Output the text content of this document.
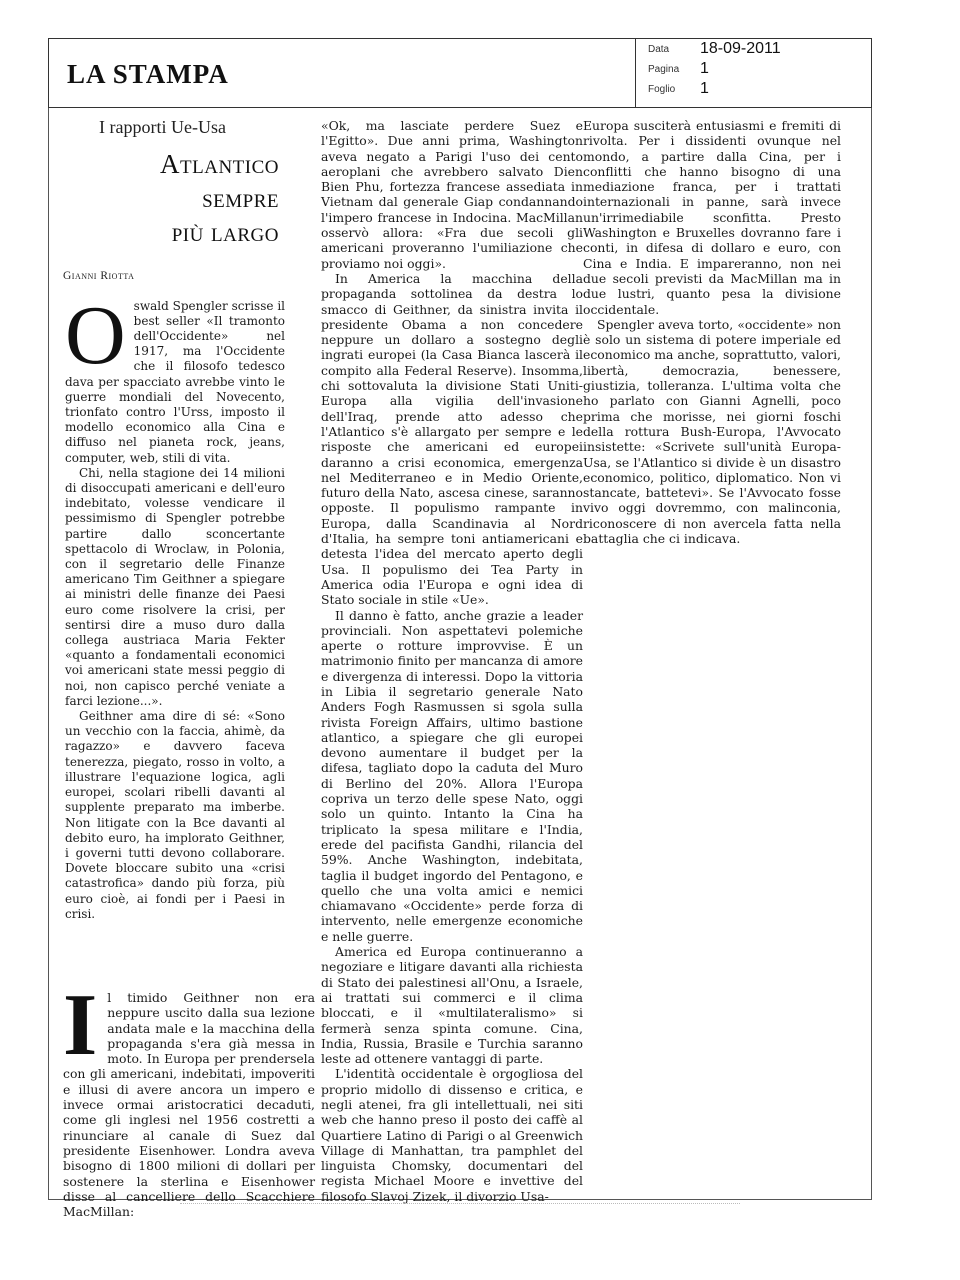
LA STAMPA
Data	18-09-2011
Pagina	1
Foglio	1
I rapporti Ue-Usa
Atlantico
sempre
più largo
Gianni Riotta

Oswald Spengler scrisse il best seller «Il tramonto dell'Occidente» nel 1917, ma l'Occidente che il filosofo tedesco dava per spacciato avrebbe vinto le guerre mondiali del Novecento, trionfato contro l'Urss, imposto il modello economico alla Cina e diffuso nel pianeta rock, jeans, computer, web, stili di vita.

Chi, nella stagione dei 14 milioni di disoccupati americani e dell'euro indebitato, volesse vendicare il pessimismo di Spengler potrebbe partire dallo sconcertante spettacolo di Wroclaw, in Polonia, con il segretario delle Finanze americano Tim Geithner a spiegare ai ministri delle finanze dei Paesi euro come risolvere la crisi, per sentirsi dire a muso duro dalla collega austriaca Maria Fekter «quanto a fondamentali economici voi americani state messi peggio di noi, non capisco perché veniate a farci lezione...».

Geithner ama dire di sé: «Sono un vecchio con la faccia, ahimè, da ragazzo» e davvero faceva tenerezza, piegato, rosso in volto, a illustrare l'equazione logica, agli europei, scolari ribelli davanti al supplente preparato ma imberbe. Non litigate con la Bce davanti al debito euro, ha implorato Geithner, i governi tutti devono collaborare. Dovete bloccare subito una «crisi catastrofica» dando più forza, più euro cioè, ai fondi per i Paesi in crisi.

Il timido Geithner non era neppure uscito dalla sua lezione andata male e la macchina della propaganda s'era già messa in moto. In Europa per prendersela con gli americani, indebitati, impoveriti e illusi di avere ancora un impero e invece ormai aristocratici decaduti, come gli inglesi nel 1956 costretti a rinunciare al canale di Suez dal presidente Eisenhower. Londra aveva bisogno di 1800 milioni di dollari per sostenere la sterlina e Eisenhower disse al cancelliere dello Scacchiere MacMillan:

«Ok, ma lasciate perdere Suez e l'Egitto». Due anni prima, Washington aveva negato a Parigi l'uso dei cento aeroplani che avrebbero salvato Dien Bien Phu, fortezza francese assediata in Vietnam dal generale Giap condannando l'impero francese in Indocina. MacMillan osservò allora: «Fra due secoli gli americani proveranno l'umiliazione che proviamo noi oggi».

In America la macchina della propaganda sottolinea da destra lo smacco di Geithner, da sinistra invita il presidente Obama a non concedere neppure un dollaro a sostegno degli ingrati europei (la Casa Bianca lascerà il compito alla Federal Reserve). Insomma, chi sottovaluta la divisione Stati Uniti-Europa alla vigilia dell'invasione dell'Iraq, prende atto adesso che l'Atlantico s'è allargato per sempre e le risposte che americani ed europei daranno a crisi economica, emergenza nel Mediterraneo e in Medio Oriente, futuro della Nato, ascesa cinese, saranno opposte. Il populismo rampante in Europa, dalla Scandinavia al Nord d'Italia, ha sempre toni antiamericani e detesta l'idea del mercato aperto degli Usa. Il populismo dei Tea Party in America odia l'Europa e ogni idea di Stato sociale in stile «Ue».

Il danno è fatto, anche grazie a leader provinciali. Non aspettatevi polemiche aperte o rotture improvvise. È un matrimonio finito per mancanza di amore e divergenza di interessi. Dopo la vittoria in Libia il segretario generale Nato Anders Fogh Rasmussen si sgola sulla rivista Foreign Affairs, ultimo bastione atlantico, a spiegare che gli europei devono aumentare il budget per la difesa, tagliato dopo la caduta del Muro di Berlino del 20%. Allora l'Europa copriva un terzo delle spese Nato, oggi solo un quinto. Intanto la Cina ha triplicato la spesa militare e l'India, erede del pacifista Gandhi, rilancia del 59%. Anche Washington, indebitata, taglia il budget ingordo del Pentagono, e quello che una volta amici e nemici chiamavano «Occidente» perde forza di intervento, nelle emergenze economiche e nelle guerre.

America ed Europa continueranno a negoziare e litigare davanti alla richiesta di Stato dei palestinesi all'Onu, a Israele, ai trattati sui commerci e il clima bloccati, e il «multilateralismo» si fermerà senza spinta comune. Cina, India, Russia, Brasile e Turchia saranno leste ad ottenere vantaggi di parte.

L'identità occidentale è orgogliosa del proprio midollo di dissenso e critica, e negli atenei, fra gli intellettuali, nei siti web che hanno preso il posto dei caffè al Quartiere Latino di Parigi o al Greenwich Village di Manhattan, tra pamphlet del linguista Chomsky, documentari del regista Michael Moore e invettive del filosofo Slavoj Zizek, il divorzio Usa-

Europa susciterà entusiasmi e fremiti di rivolta. Per i dissidenti ovunque nel mondo, a partire dalla Cina, per i conflitti che hanno bisogno di una mediazione franca, per i trattati internazionali in panne, sarà invece un'irrimediabile sconfitta. Presto Washington e Bruxelles dovranno fare i conti, in difesa di dollaro e euro, con Cina e India. E impareranno, non nei due secoli previsti da MacMillan ma in due lustri, quanto pesa la divisione occidentale.

Spengler aveva torto, «occidente» non è solo un sistema di potere imperiale ed economico ma anche, soprattutto, valori, libertà, democrazia, benessere, giustizia, tolleranza. L'ultima volta che ho parlato con Gianni Agnelli, poco prima che morisse, nei giorni foschi della rottura Bush-Europa, l'Avvocato insistette: «Scrivete sull'unità Europa-Usa, se l'Atlantico si divide è un disastro economico, politico, diplomatico. Non vi stancate, battetevi». Se l'Avvocato fosse vivo oggi dovremmo, con malinconia, riconoscere di non avercela fatta nella battaglia che ci indicava.
